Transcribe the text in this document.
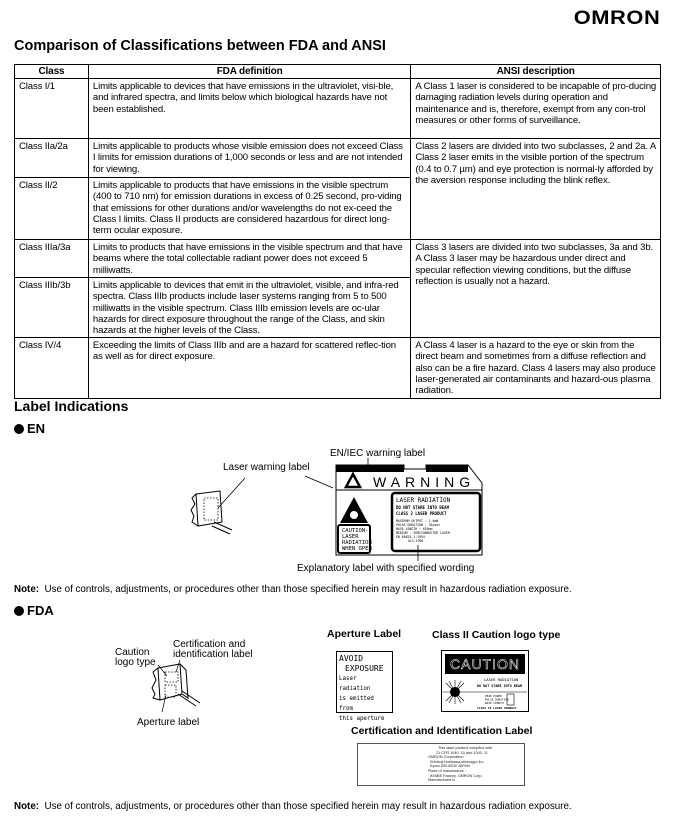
OMRON
Comparison of Classifications between FDA and ANSI
Class	FDA definition	ANSI description
Class I/1	Limits applicable to devices that have emissions in the ultraviolet, visi-ble, and infrared spectra, and limits below which biological hazards have not been established.	A Class 1 laser is considered to be incapable of pro-ducing damaging radiation levels during operation and maintenance and is, therefore, exempt from any con-trol measures or other forms of surveillance.
Class IIa/2a	Limits applicable to products whose visible emission does not exceed Class I limits for emission durations of 1,000 seconds or less and are not intended for viewing.	Class 2 lasers are divided into two subclasses, 2 and 2a. A Class 2 laser emits in the visible portion of the spectrum (0.4 to 0.7 µm) and eye protection is normal-ly afforded by the aversion response including the blink reflex.
Class II/2	Limits applicable to products that have emissions in the visible spectrum (400 to 710 nm) for emission durations in excess of 0.25 second, pro-viding that emissions for other durations and/or wavelengths do not ex-ceed the Class I limits. Class II products are considered hazardous for direct long-term ocular exposure.	
Class IIIa/3a	Limits to products that have emissions in the visible spectrum and that have beams where the total collectable radiant power does not exceed 5 milliwatts.	Class 3 lasers are divided into two subclasses, 3a and 3b. A Class 3 laser may be hazardous under direct and specular reflection viewing conditions, but the diffuse reflection is usually not a hazard.
Class IIIb/3b	Limits applicable to devices that emit in the ultraviolet, visible, and infra-red spectra. Class IIIb products include laser systems ranging from 5 to 500 milliwatts in the visible spectrum. Class IIIb emission levels are oc-ular hazards for direct exposure throughout the range of the Class, and skin hazards at the higher levels of the Class.	
Class IV/4	Exceeding the limits of Class IIIb and are a hazard for scattered reflec-tion as well as for direct exposure.	A Class 4 laser is a hazard to the eye or skin from the direct beam and sometimes from a diffuse reflection and also can be a fire hazard. Class 4 lasers may also produce laser-generated air contaminants and hazard-ous plasma radiation.
Label Indications
EN
EN/IEC warning label
Laser warning label
WARNING
CAUTION-
LASER
RADIATION
WHEN OPEN
LASER RADIATION
DO NOT STARE INTO BEAM
CLASS 2 LASER PRODUCT
MAXIMUM OUTPUT : 1.0mW
PULSE DURATION : 35µsec
WAVE LENGTH : 650nm
MEDIUM : SEMICONDUCTOR LASER
EN 60825-1:1994
A11:1996
Explanatory label with specified wording
Note: Use of controls, adjustments, or procedures other than those specified herein may result in hazardous radiation exposure.
FDA
Certification and
identification label
Caution
logo type
Aperture label
Aperture Label
AVOID
EXPOSURE
Laser radiation
is emitted from
this aperture
Class II Caution logo type
CAUTION
LASER RADIATION
DO NOT STARE INTO BEAM
PEAK POWER
PULSE DURATION
WAVE LENGTH
CLASS II LASER PRODUCT
Certification and Identification Label
This laser product complies with
21 CFR 1040. 10 and 1040. 11.
OMRON Corporation
Shiokoji Horikawa,shimogyo-ku,
Kyoto 600-8530 JAPAN
Place of manufacture :
AYABE Factory, OMRON Corp.
Manufactured in
Note: Use of controls, adjustments, or procedures other than those specified herein may result in hazardous radiation exposure.
